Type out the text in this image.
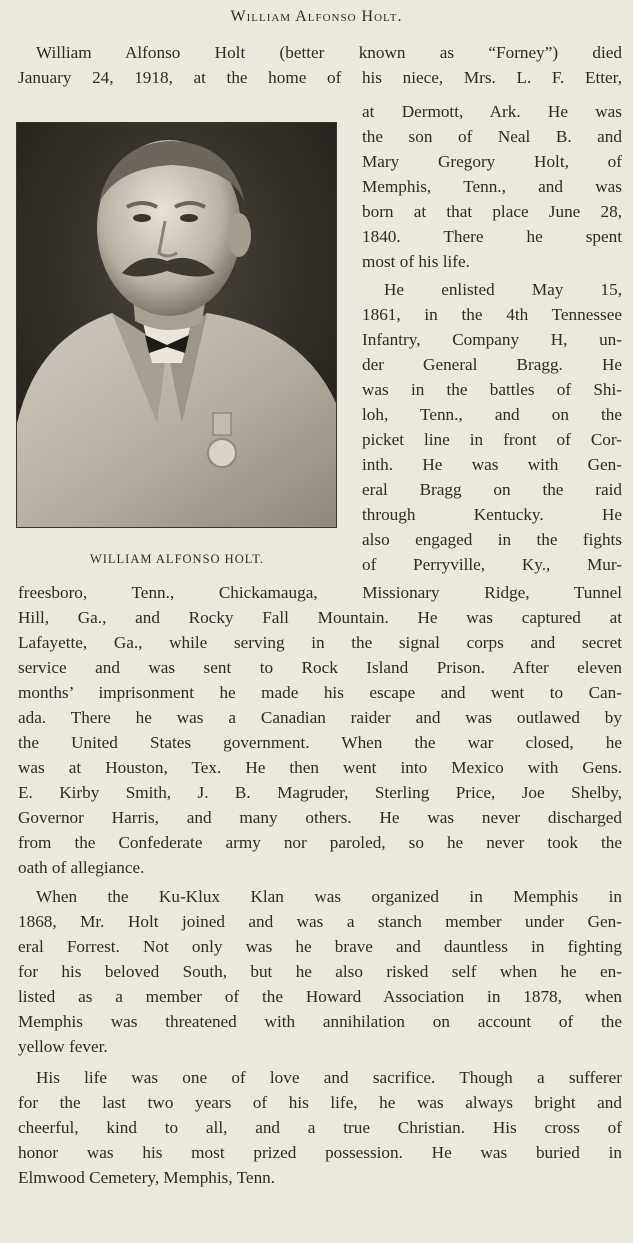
William Alfonso Holt.
William Alfonso Holt (better known as “Forney”) died
January 24, 1918, at the home of his niece, Mrs. L. F. Etter,
WILLIAM ALFONSO HOLT.
at Dermott, Ark. He was
the son of Neal B. and
Mary Gregory Holt, of
Memphis, Tenn., and was
born at that place June 28,
1840. There he spent
most of his life.
He enlisted May 15,
1861, in the 4th Tennessee
Infantry, Company H, un-
der General Bragg. He
was in the battles of Shi-
loh, Tenn., and on the
picket line in front of Cor-
inth. He was with Gen-
eral Bragg on the raid
through Kentucky. He
also engaged in the fights
of Perryville, Ky., Mur-
freesboro, Tenn., Chickamauga, Missionary Ridge, Tunnel
Hill, Ga., and Rocky Fall Mountain. He was captured at
Lafayette, Ga., while serving in the signal corps and secret
service and was sent to Rock Island Prison. After eleven
months’ imprisonment he made his escape and went to Can-
ada. There he was a Canadian raider and was outlawed by
the United States government. When the war closed, he
was at Houston, Tex. He then went into Mexico with Gens.
E. Kirby Smith, J. B. Magruder, Sterling Price, Joe Shelby,
Governor Harris, and many others. He was never discharged
from the Confederate army nor paroled, so he never took the
oath of allegiance.
When the Ku-Klux Klan was organized in Memphis in
1868, Mr. Holt joined and was a stanch member under Gen-
eral Forrest. Not only was he brave and dauntless in fighting
for his beloved South, but he also risked self when he en-
listed as a member of the Howard Association in 1878, when
Memphis was threatened with annihilation on account of the
yellow fever.
His life was one of love and sacrifice. Though a sufferer
for the last two years of his life, he was always bright and
cheerful, kind to all, and a true Christian. His cross of
honor was his most prized possession. He was buried in
Elmwood Cemetery, Memphis, Tenn.
